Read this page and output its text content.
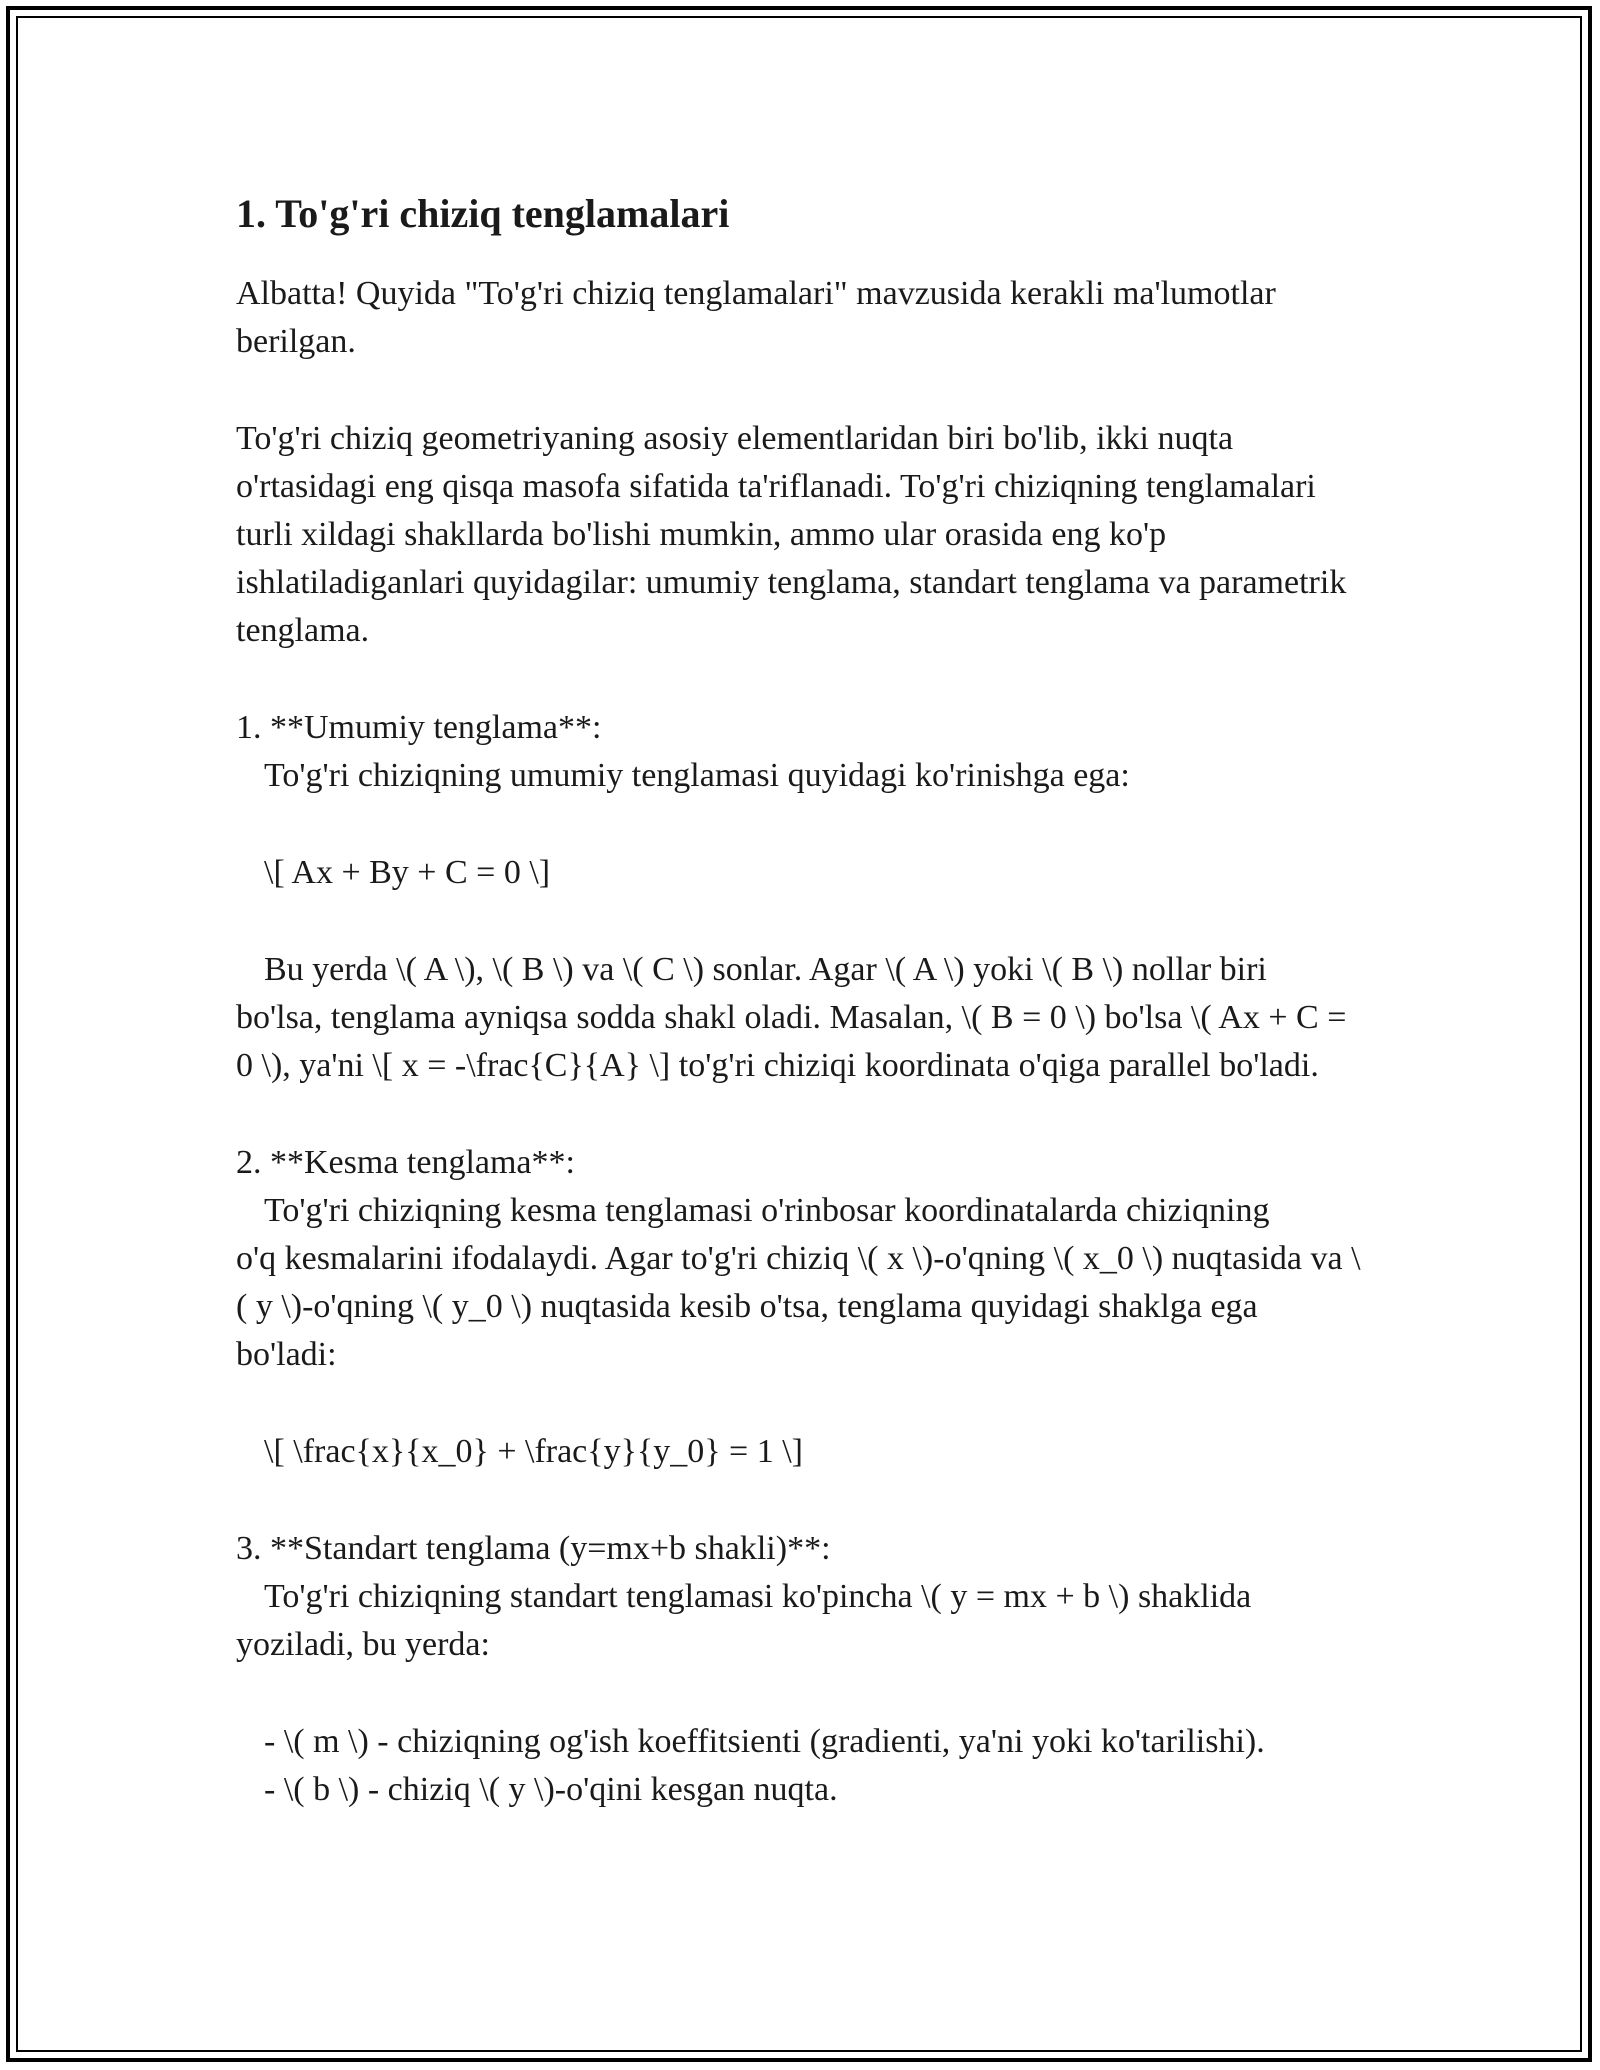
1. To'g'ri chiziq tenglamalari

Albatta! Quyida "To'g'ri chiziq tenglamalari" mavzusida kerakli ma'lumotlar berilgan.

To'g'ri chiziq geometriyaning asosiy elementlaridan biri bo'lib, ikki nuqta o'rtasidagi eng qisqa masofa sifatida ta'riflanadi. To'g'ri chiziqning tenglamalari turli xildagi shakllarda bo'lishi mumkin, ammo ular orasida eng ko'p ishlatiladiganlari quyidagilar: umumiy tenglama, standart tenglama va parametrik tenglama.

1. **Umumiy tenglama**:

To'g'ri chiziqning umumiy tenglamasi quyidagi ko'rinishga ega:

\[ Ax + By + C = 0 \]

Bu yerda \( A \), \( B \) va \( C \) sonlar. Agar \( A \) yoki \( B \) nollar biri

bo'lsa, tenglama ayniqsa sodda shakl oladi. Masalan, \( B = 0 \) bo'lsa \( Ax + C = 0 \), ya'ni \[ x = -\frac{C}{A} \] to'g'ri chiziqi koordinata o'qiga parallel bo'ladi.

2. **Kesma tenglama**:

To'g'ri chiziqning kesma tenglamasi o'rinbosar koordinatalarda chiziqning

o'q kesmalarini ifodalaydi. Agar to'g'ri chiziq \( x \)-o'qning \( x_0 \) nuqtasida va \( y \)-o'qning \( y_0 \) nuqtasida kesib o'tsa, tenglama quyidagi shaklga ega bo'ladi:

\[ \frac{x}{x_0} + \frac{y}{y_0} = 1 \]

3. **Standart tenglama (y=mx+b shakli)**:

To'g'ri chiziqning standart tenglamasi ko'pincha \( y = mx + b \) shaklida

yoziladi, bu yerda:

- \( m \) - chiziqning og'ish koeffitsienti (gradienti, ya'ni yoki ko'tarilishi).

- \( b \) - chiziq \( y \)-o'qini kesgan nuqta.
